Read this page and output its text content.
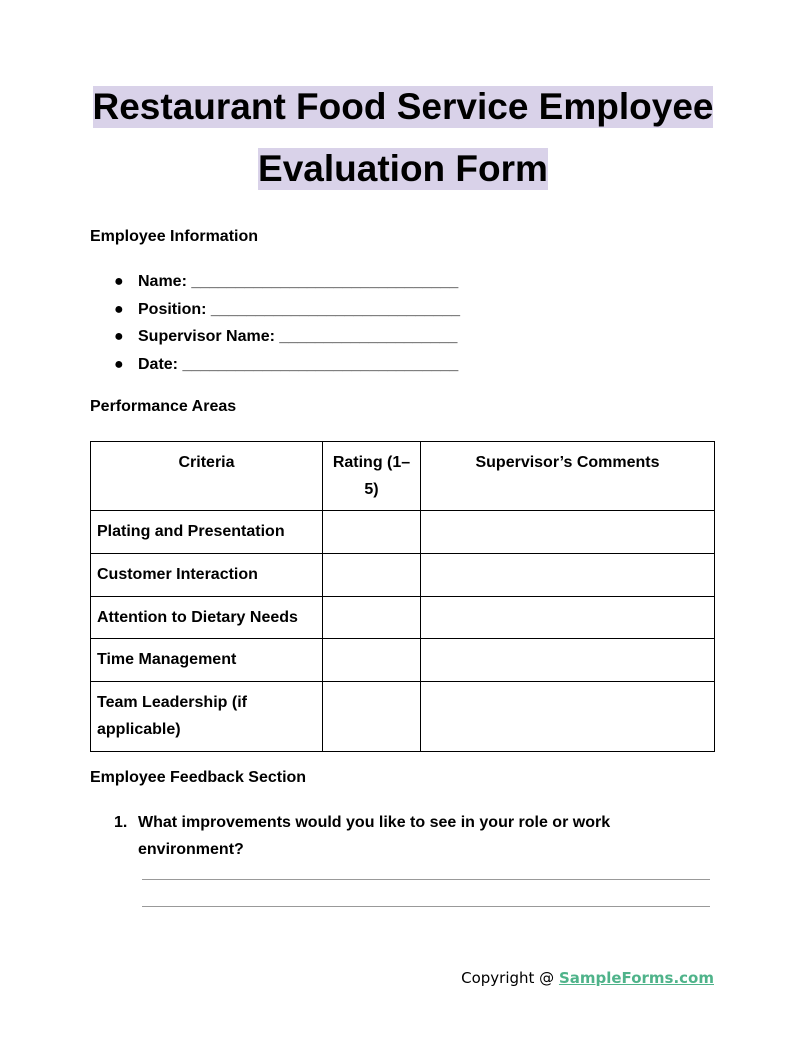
Restaurant Food Service Employee
Evaluation Form
Employee Information
● Name: ______________________________
● Position: ____________________________
● Supervisor Name: ____________________
● Date: _______________________________
Performance Areas
Criteria	Rating (1–5)	Supervisor’s Comments
Plating and Presentation		
Customer Interaction		
Attention to Dietary Needs		
Time Management		
Team Leadership (if applicable)		
Employee Feedback Section
1. What improvements would you like to see in your role or work environment?
Copyright @ SampleForms.com
